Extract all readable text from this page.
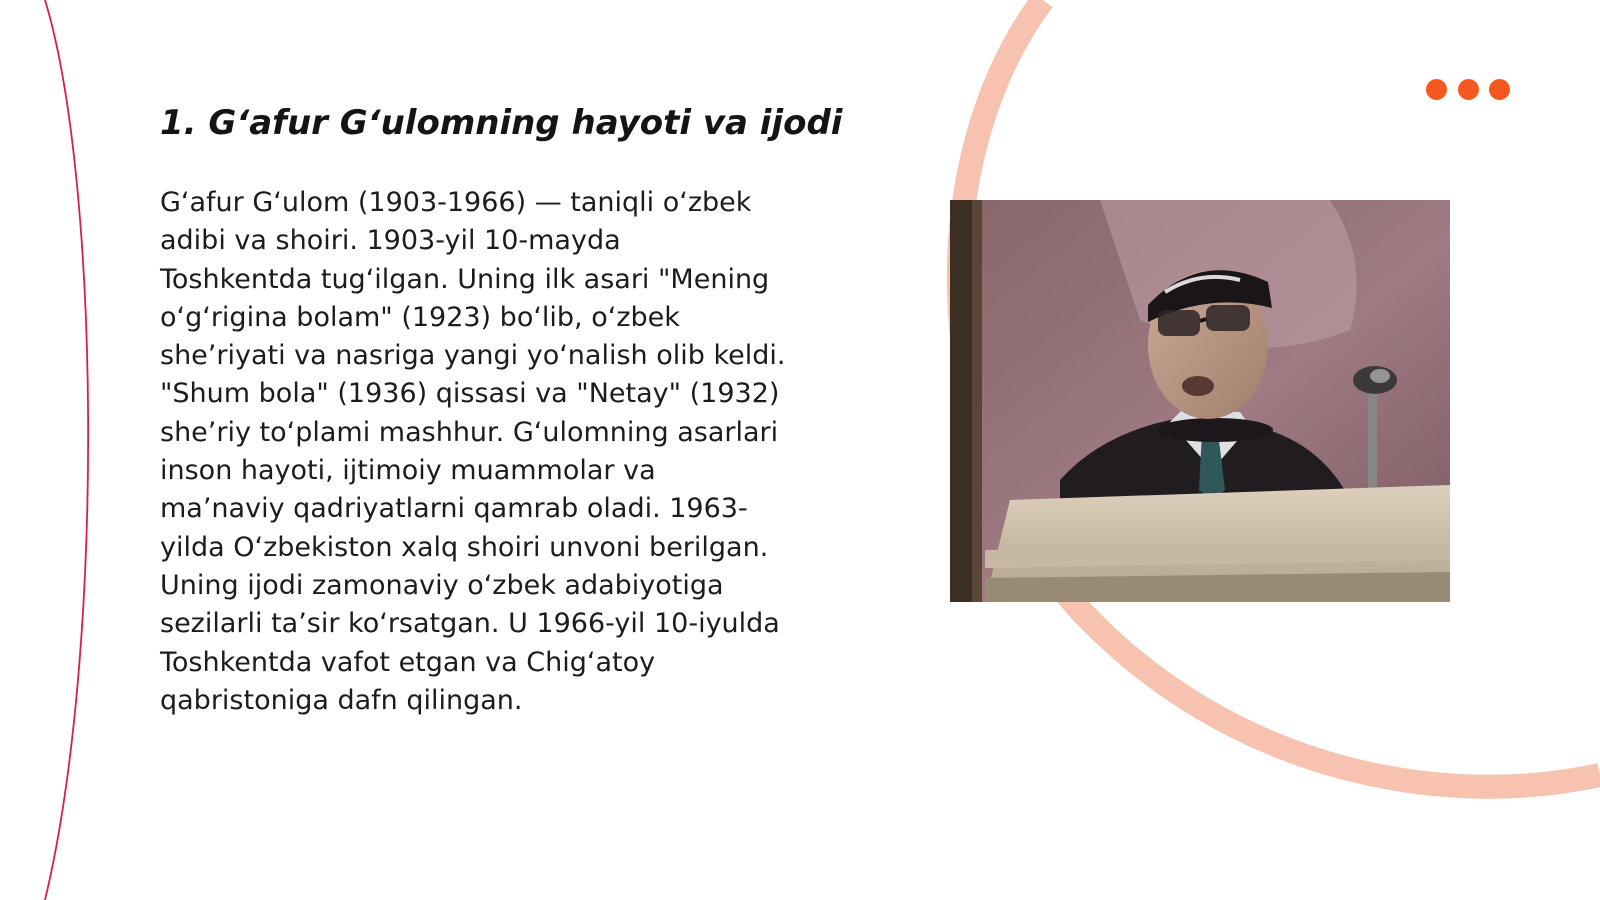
1. G‘afur G‘ulomning hayoti va ijodi

G‘afur G‘ulom (1903-1966) — taniqli o‘zbek
adibi va shoiri. 1903-yil 10-mayda
Toshkentda tug‘ilgan. Uning ilk asari "Mening
o‘g‘rigina bolam" (1923) bo‘lib, o‘zbek
she’riyati va nasriga yangi yo‘nalish olib keldi.
"Shum bola" (1936) qissasi va "Netay" (1932)
she’riy to‘plami mashhur. G‘ulomning asarlari
inson hayoti, ijtimoiy muammolar va
ma’naviy qadriyatlarni qamrab oladi. 1963-
yilda O‘zbekiston xalq shoiri unvoni berilgan.
Uning ijodi zamonaviy o‘zbek adabiyotiga
sezilarli ta’sir ko‘rsatgan. U 1966-yil 10-iyulda
Toshkentda vafot etgan va Chig‘atoy
qabristoniga dafn qilingan.
